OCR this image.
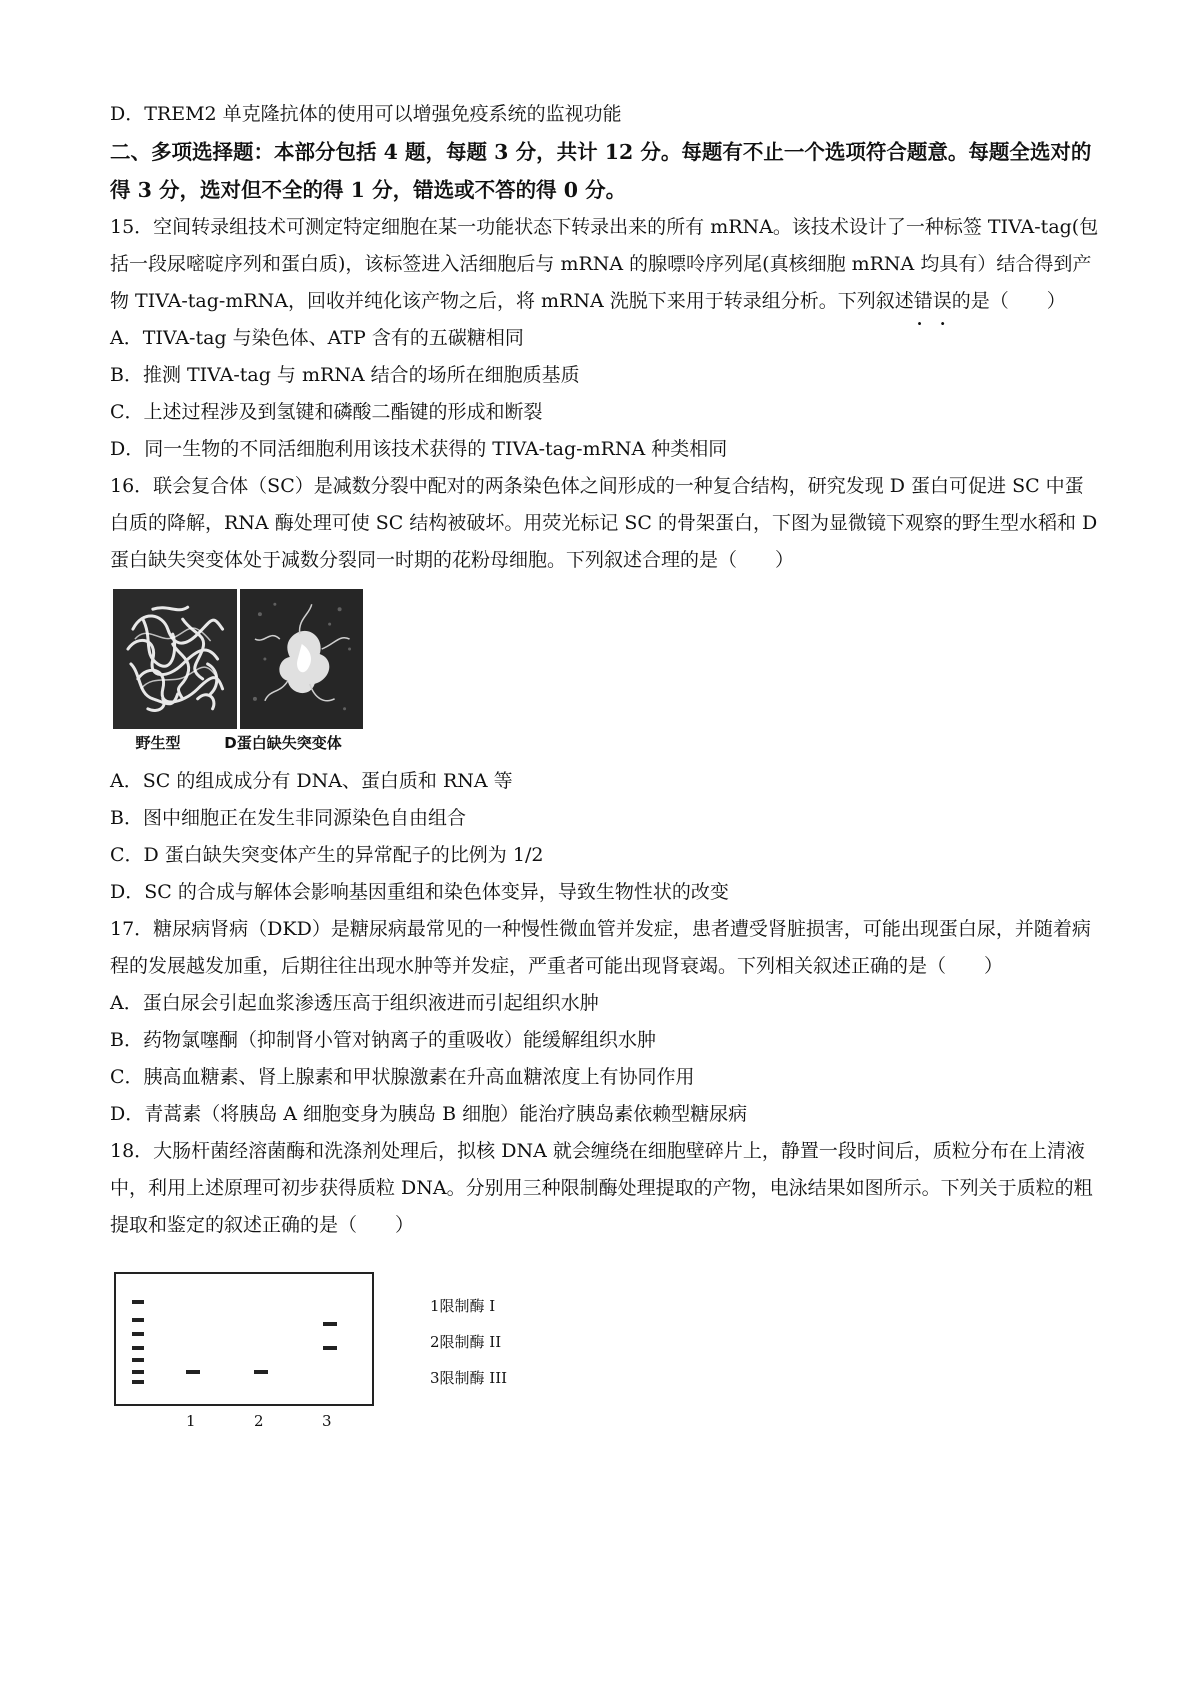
D．TREM2 单克隆抗体的使用可以增强免疫系统的监视功能
二、多项选择题：本部分包括 4 题，每题 3 分，共计 12 分。每题有不止一个选项符合题意。每题全选对的得 3 分，选对但不全的得 1 分，错选或不答的得 0 分。
15．空间转录组技术可测定特定细胞在某一功能状态下转录出来的所有 mRNA。该技术设计了一种标签 TIVA-tag(包括一段尿嘧啶序列和蛋白质)，该标签进入活细胞后与 mRNA 的腺嘌呤序列尾(真核细胞 mRNA 均具有）结合得到产物 TIVA-tag-mRNA，回收并纯化该产物之后，将 mRNA 洗脱下来用于转录组分析。下列叙述错误 · ·的是（　　）
A．TIVA-tag 与染色体、ATP 含有的五碳糖相同
B．推测 TIVA-tag 与 mRNA 结合的场所在细胞质基质
C．上述过程涉及到氢键和磷酸二酯键的形成和断裂
D．同一生物的不同活细胞利用该技术获得的 TIVA-tag-mRNA 种类相同
16．联会复合体（SC）是减数分裂中配对的两条染色体之间形成的一种复合结构，研究发现 D 蛋白可促进 SC 中蛋白质的降解，RNA 酶处理可使 SC 结构被破坏。用荧光标记 SC 的骨架蛋白，下图为显微镜下观察的野生型水稻和 D 蛋白缺失突变体处于减数分裂同一时期的花粉母细胞。下列叙述合理的是（　　）
野生型	D蛋白缺失突变体
A．SC 的组成成分有 DNA、蛋白质和 RNA 等
B．图中细胞正在发生非同源染色自由组合
C．D 蛋白缺失突变体产生的异常配子的比例为 1/2
D．SC 的合成与解体会影响基因重组和染色体变异，导致生物性状的改变
17．糖尿病肾病（DKD）是糖尿病最常见的一种慢性微血管并发症，患者遭受肾脏损害，可能出现蛋白尿，并随着病程的发展越发加重，后期往往出现水肿等并发症，严重者可能出现肾衰竭。下列相关叙述正确的是（　　）
A．蛋白尿会引起血浆渗透压高于组织液进而引起组织水肿
B．药物氯噻酮（抑制肾小管对钠离子的重吸收）能缓解组织水肿
C．胰高血糖素、肾上腺素和甲状腺激素在升高血糖浓度上有协同作用
D．青蒿素（将胰岛 A 细胞变身为胰岛 B 细胞）能治疗胰岛素依赖型糖尿病
18．大肠杆菌经溶菌酶和洗涤剂处理后，拟核 DNA 就会缠绕在细胞壁碎片上，静置一段时间后，质粒分布在上清液中，利用上述原理可初步获得质粒 DNA。分别用三种限制酶处理提取的产物，电泳结果如图所示。下列关于质粒的粗提取和鉴定的叙述正确的是（　　）
1	2	3
1限制酶 I
2限制酶 II
3限制酶 III
